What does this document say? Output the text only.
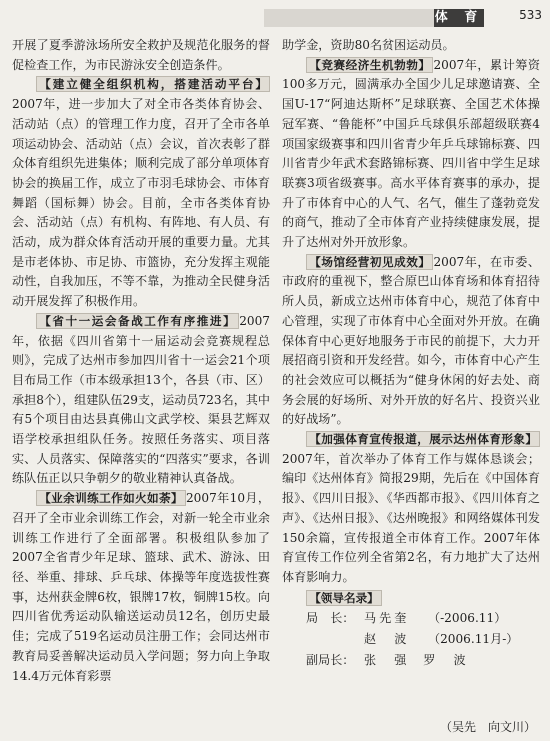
体 育	533

开展了夏季游泳场所安全救护及规范化服务的督促检查工作，为市民游泳安全创造条件。

【建立健全组织机构，搭建活动平台】2007年，进一步加大了对全市各类体育协会、活动站（点）的管理工作力度，召开了全市各单项运动协会、活动站（点）会议，首次表彰了群众体育组织先进集体；顺利完成了部分单项体育协会的换届工作，成立了市羽毛球协会、市体育舞蹈（国标舞）协会。目前，全市各类体育协会、活动站（点）有机构、有阵地、有人员、有活动，成为群众体育活动开展的重要力量。尤其是市老体协、市足协、市篮协，充分发挥主观能动性，自我加压，不等不靠，为推动全民健身活动开展发挥了积极作用。

【省十一运会备战工作有序推进】 2007年，依据《四川省第十一届运动会竞赛规程总则》，完成了达州市参加四川省十一运会21个项目布局工作（市本级承担13个，各县（市、区）承担8个），组建队伍29支，运动员723名，其中有5个项目由达县真佛山文武学校、渠县艺辉双语学校承担组队任务。按照任务落实、项目落实、人员落实、保障落实的“四落实”要求，各训练队伍正以只争朝夕的敬业精神认真备战。

【业余训练工作如火如荼】 2007年10月，召开了全市业余训练工作会，对新一轮全市业余训练工作进行了全面部署。积极组队参加了2007全省青少年足球、篮球、武术、游泳、田径、举重、排球、乒乓球、体操等年度选拔性赛事，达州获金牌6枚，银牌17枚，铜牌15枚。向四川省优秀运动队输送运动员12名，创历史最佳；完成了519名运动员注册工作；会同达州市教育局妥善解决运动员入学问题；努力向上争取14.4万元体育彩票

助学金，资助80名贫困运动员。

【竞赛经济生机勃勃】 2007年，累计筹资100多万元，圆满承办全国少儿足球邀请赛、全国U-17“阿迪达斯杯”足球联赛、全国艺术体操冠军赛、“鲁能杯”中国乒乓球俱乐部超级联赛4项国家级赛事和四川省青少年乒乓球锦标赛、四川省青少年武术套路锦标赛、四川省中学生足球联赛3项省级赛事。高水平体育赛事的承办，提升了市体育中心的人气、名气，催生了蓬勃竞发的商气，推动了全市体育产业持续健康发展，提升了达州对外开放形象。

【场馆经营初见成效】 2007年，在市委、市政府的重视下，整合原巴山体育场和体育招待所人员，新成立达州市体育中心，规范了体育中心管理，实现了市体育中心全面对外开放。在确保体育中心更好地服务于市民的前提下，大力开展招商引资和开发经营。如今，市体育中心产生的社会效应可以概括为“健身休闲的好去处、商务会展的好场所、对外开放的好名片、投资兴业的好战场”。

【加强体育宣传报道，展示达州体育形象】2007年，首次举办了体育工作与媒体恳谈会；编印《达州体育》简报29期，先后在《中国体育报》、《四川日报》、《华西都市报》、《四川体育之声》、《达州日报》、《达州晚报》和网络媒体刊发150余篇，宣传报道全市体育工作。2007年体育宣传工作位列全省第2名，有力地扩大了达州体育影响力。

【领导名录】

局　长： 马先奎	（-2006.11）
赵　波	（2006.11月-）
副局长： 张　强 罗　波
（吴先　向文川）
